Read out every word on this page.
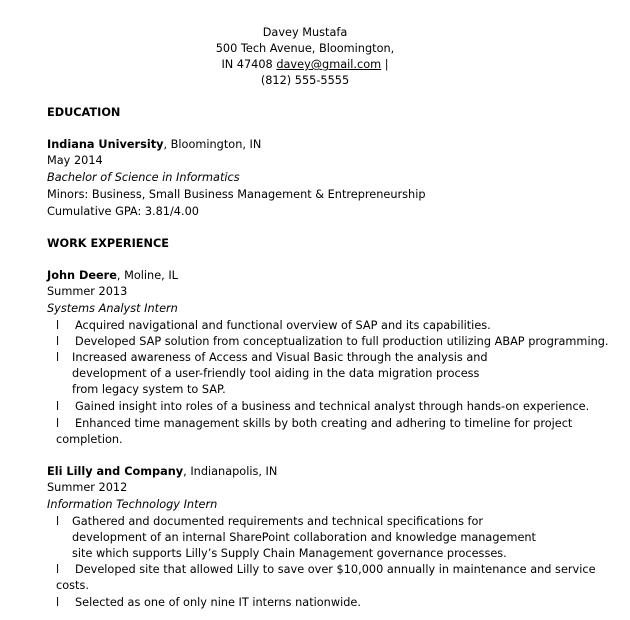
Davey Mustafa
500 Tech Avenue, Bloomington,
IN 47408 davey@gmail.com |
(812) 555-5555
EDUCATION
Indiana University, Bloomington, IN
May 2014
Bachelor of Science in Informatics
Minors: Business, Small Business Management & Entrepreneurship
Cumulative GPA: 3.81/4.00
WORK EXPERIENCE
John Deere, Moline, IL
Summer 2013
Systems Analyst Intern
l Acquired navigational and functional overview of SAP and its capabilities.
l Developed SAP solution from conceptualization to full production utilizing ABAP programming.
l Increased awareness of Access and Visual Basic through the analysis and
development of a user-friendly tool aiding in the data migration process
from legacy system to SAP.
l Gained insight into roles of a business and technical analyst through hands-on experience.
l Enhanced time management skills by both creating and adhering to timeline for project
completion.
Eli Lilly and Company, Indianapolis, IN
Summer 2012
Information Technology Intern
l Gathered and documented requirements and technical specifications for
development of an internal SharePoint collaboration and knowledge management
site which supports Lilly’s Supply Chain Management governance processes.
l Developed site that allowed Lilly to save over $10,000 annually in maintenance and service
costs.
l Selected as one of only nine IT interns nationwide.
